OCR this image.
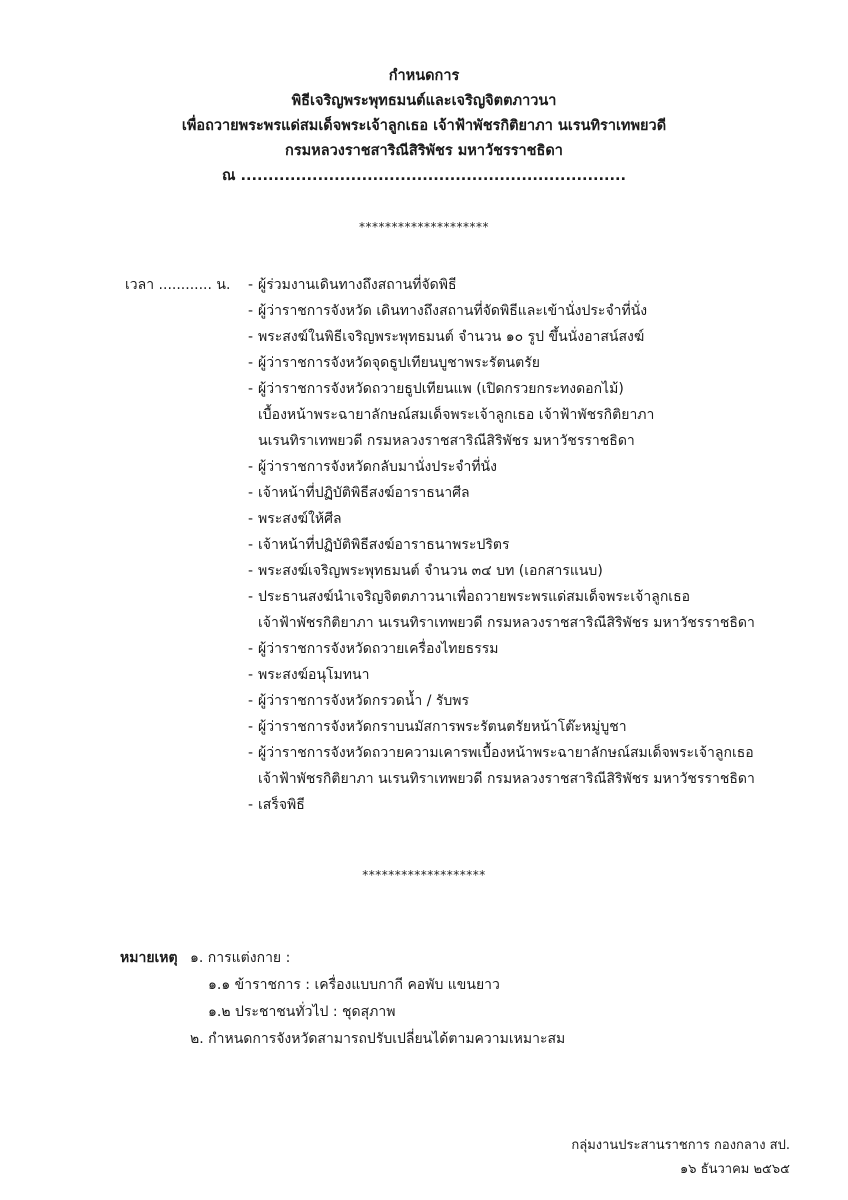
กำหนดการ
พิธีเจริญพระพุทธมนต์และเจริญจิตตภาวนา
เพื่อถวายพระพรแด่สมเด็จพระเจ้าลูกเธอ เจ้าฟ้าพัชรกิติยาภา นเรนทิราเทพยวดี
กรมหลวงราชสาริณีสิริพัชร มหาวัชรราชธิดา
ณ ......................................................................
********************
เวลา ............ น. - ผู้ร่วมงานเดินทางถึงสถานที่จัดพิธี
- ผู้ว่าราชการจังหวัด เดินทางถึงสถานที่จัดพิธีและเข้านั่งประจำที่นั่ง
- พระสงฆ์ในพิธีเจริญพระพุทธมนต์ จำนวน ๑๐ รูป ขึ้นนั่งอาสน์สงฆ์
- ผู้ว่าราชการจังหวัดจุดธูปเทียนบูชาพระรัตนตรัย
- ผู้ว่าราชการจังหวัดถวายธูปเทียนแพ (เปิดกรวยกระทงดอกไม้)
เบื้องหน้าพระฉายาลักษณ์สมเด็จพระเจ้าลูกเธอ เจ้าฟ้าพัชรกิติยาภา
นเรนทิราเทพยวดี กรมหลวงราชสาริณีสิริพัชร มหาวัชรราชธิดา
- ผู้ว่าราชการจังหวัดกลับมานั่งประจำที่นั่ง
- เจ้าหน้าที่ปฏิบัติพิธีสงฆ์อาราธนาศีล
- พระสงฆ์ให้ศีล
- เจ้าหน้าที่ปฏิบัติพิธีสงฆ์อาราธนาพระปริตร
- พระสงฆ์เจริญพระพุทธมนต์ จำนวน ๓๔ บท (เอกสารแนบ)
- ประธานสงฆ์นำเจริญจิตตภาวนาเพื่อถวายพระพรแด่สมเด็จพระเจ้าลูกเธอ
เจ้าฟ้าพัชรกิติยาภา นเรนทิราเทพยวดี กรมหลวงราชสาริณีสิริพัชร มหาวัชรราชธิดา
- ผู้ว่าราชการจังหวัดถวายเครื่องไทยธรรม
- พระสงฆ์อนุโมทนา
- ผู้ว่าราชการจังหวัดกรวดน้ำ / รับพร
- ผู้ว่าราชการจังหวัดกราบนมัสการพระรัตนตรัยหน้าโต๊ะหมู่บูชา
- ผู้ว่าราชการจังหวัดถวายความเคารพเบื้องหน้าพระฉายาลักษณ์สมเด็จพระเจ้าลูกเธอ
เจ้าฟ้าพัชรกิติยาภา นเรนทิราเทพยวดี กรมหลวงราชสาริณีสิริพัชร มหาวัชรราชธิดา
- เสร็จพิธี
*******************
หมายเหตุ ๑. การแต่งกาย :
๑.๑ ข้าราชการ : เครื่องแบบกากี คอพับ แขนยาว
๑.๒ ประชาชนทั่วไป : ชุดสุภาพ
๒. กำหนดการจังหวัดสามารถปรับเปลี่ยนได้ตามความเหมาะสม
กลุ่มงานประสานราชการ กองกลาง สป.
๑๖ ธันวาคม ๒๕๖๕
